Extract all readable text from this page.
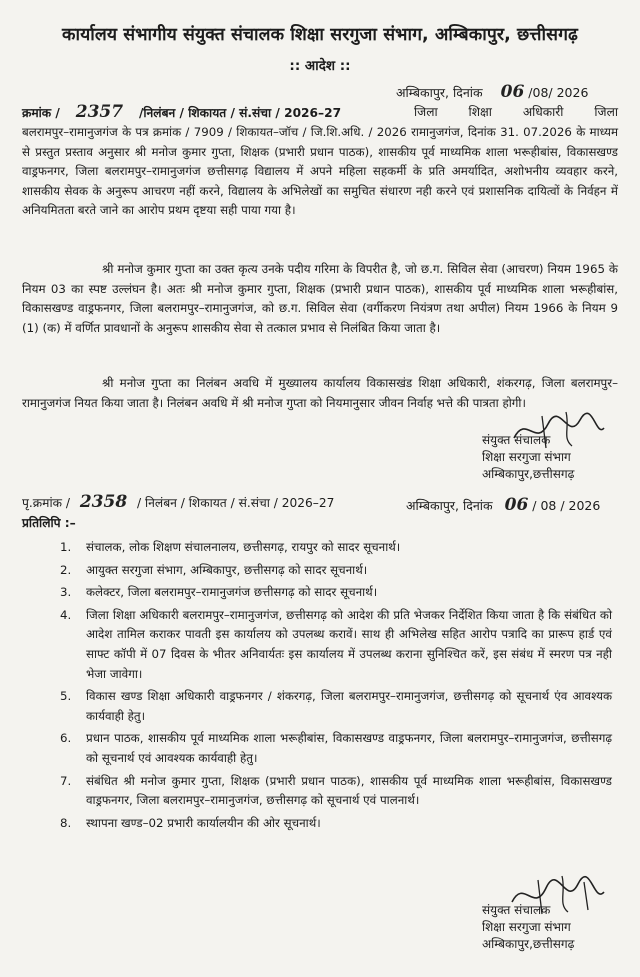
कार्यालय संभागीय संयुक्त संचालक शिक्षा सरगुजा संभाग, अम्बिकापुर, छत्तीसगढ़
:: आदेश ::
अम्बिकापुर, दिनांक 06 /08/ 2026
क्रमांक / 2357 /निलंबन / शिकायत / सं.संचा / 2026–27	जिला शिक्षा अधिकारी जिला
बलरामपुर–रामानुजगंज के पत्र क्रमांक / 7909 / शिकायत–जॉच / जि.शि.अधि. / 2026 रामानुजगंज, दिनांक 31. 07.2026 के माध्यम से प्रस्तुत प्रस्ताव अनुसार श्री मनोज कुमार गुप्ता, शिक्षक (प्रभारी प्रधान पाठक), शासकीय पूर्व माध्यमिक शाला भरूहीबांस, विकासखण्ड वाड्रफनगर, जिला बलरामपुर–रामानुजगंज छत्तीसगढ़ विद्यालय में अपने महिला सहकर्मी के प्रति अमर्यादित, अशोभनीय व्यवहार करने, शासकीय सेवक के अनुरूप आचरण नहीं करने, विद्यालय के अभिलेखों का समुचित संधारण नही करने एवं प्रशासनिक दायित्वों के निर्वहन में अनियमितता बरते जाने का आरोप प्रथम दृष्टया सही पाया गया है।
श्री मनोज कुमार गुप्ता का उक्त कृत्य उनके पदीय गरिमा के विपरीत है, जो छ.ग. सिविल सेवा (आचरण) नियम 1965 के नियम 03 का स्पष्ट उल्लंघन है। अतः श्री मनोज कुमार गुप्ता, शिक्षक (प्रभारी प्रधान पाठक), शासकीय पूर्व माध्यमिक शाला भरूहीबांस, विकासखण्ड वाड्रफनगर, जिला बलरामपुर–रामानुजगंज, को छ.ग. सिविल सेवा (वर्गीकरण नियंत्रण तथा अपील) नियम 1966 के नियम 9 (1) (क) में वर्णित प्रावधानों के अनुरूप शासकीय सेवा से तत्काल प्रभाव से निलंबित किया जाता है।
श्री मनोज गुप्ता का निलंबन अवधि में मुख्यालय कार्यालय विकासखंड शिक्षा अधिकारी, शंकरगढ़, जिला बलरामपुर–रामानुजगंज नियत किया जाता है। निलंबन अवधि में श्री मनोज गुप्ता को नियमानुसार जीवन निर्वाह भत्ते की पात्रता होगी।
संयुक्त संचालक
शिक्षा सरगुजा संभाग
अम्बिकापुर,छत्तीसगढ़
पृ.क्रमांक / 2358 / निलंबन / शिकायत / सं.संचा / 2026–27	अम्बिकापुर, दिनांक 06 / 08 / 2026
प्रतिलिपि :–
1.	संचालक, लोक शिक्षण संचालनालय, छत्तीसगढ़, रायपुर को सादर सूचनार्थ।
2.	आयुक्त सरगुजा संभाग, अम्बिकापुर, छत्तीसगढ़ को सादर सूचनार्थ।
3.	कलेक्टर, जिला बलरामपुर–रामानुजगंज छत्तीसगढ़ को सादर सूचनार्थ।
4.	जिला शिक्षा अधिकारी बलरामपुर–रामानुजगंज, छत्तीसगढ़ को आदेश की प्रति भेजकर निर्देशित किया जाता है कि संबंधित को आदेश तामिल कराकर पावती इस कार्यालय को उपलब्ध करावें। साथ ही अभिलेख सहित आरोप पत्रादि का प्रारूप हार्ड एवं साफ्ट कॉपी में 07 दिवस के भीतर अनिवार्यतः इस कार्यालय में उपलब्ध कराना सुनिश्चित करें, इस संबंध में स्मरण पत्र नही भेजा जावेगा।
5.	विकास खण्ड शिक्षा अधिकारी वाड्रफनगर / शंकरगढ़, जिला बलरामपुर–रामानुजगंज, छत्तीसगढ़ को सूचनार्थ एंव आवश्यक कार्यवाही हेतु।
6.	प्रधान पाठक, शासकीय पूर्व माध्यमिक शाला भरूहीबांस, विकासखण्ड वाड्रफनगर, जिला बलरामपुर–रामानुजगंज, छत्तीसगढ़ को सूचनार्थ एवं आवश्यक कार्यवाही हेतु।
7.	संबंधित श्री मनोज कुमार गुप्ता, शिक्षक (प्रभारी प्रधान पाठक), शासकीय पूर्व माध्यमिक शाला भरूहीबांस, विकासखण्ड वाड्रफनगर, जिला बलरामपुर–रामानुजगंज, छत्तीसगढ़ को सूचनार्थ एवं पालनार्थ।
8.	स्थापना खण्ड–02 प्रभारी कार्यालयीन की ओर सूचनार्थ।
संयुक्त संचालक
शिक्षा सरगुजा संभाग
अम्बिकापुर,छत्तीसगढ़
